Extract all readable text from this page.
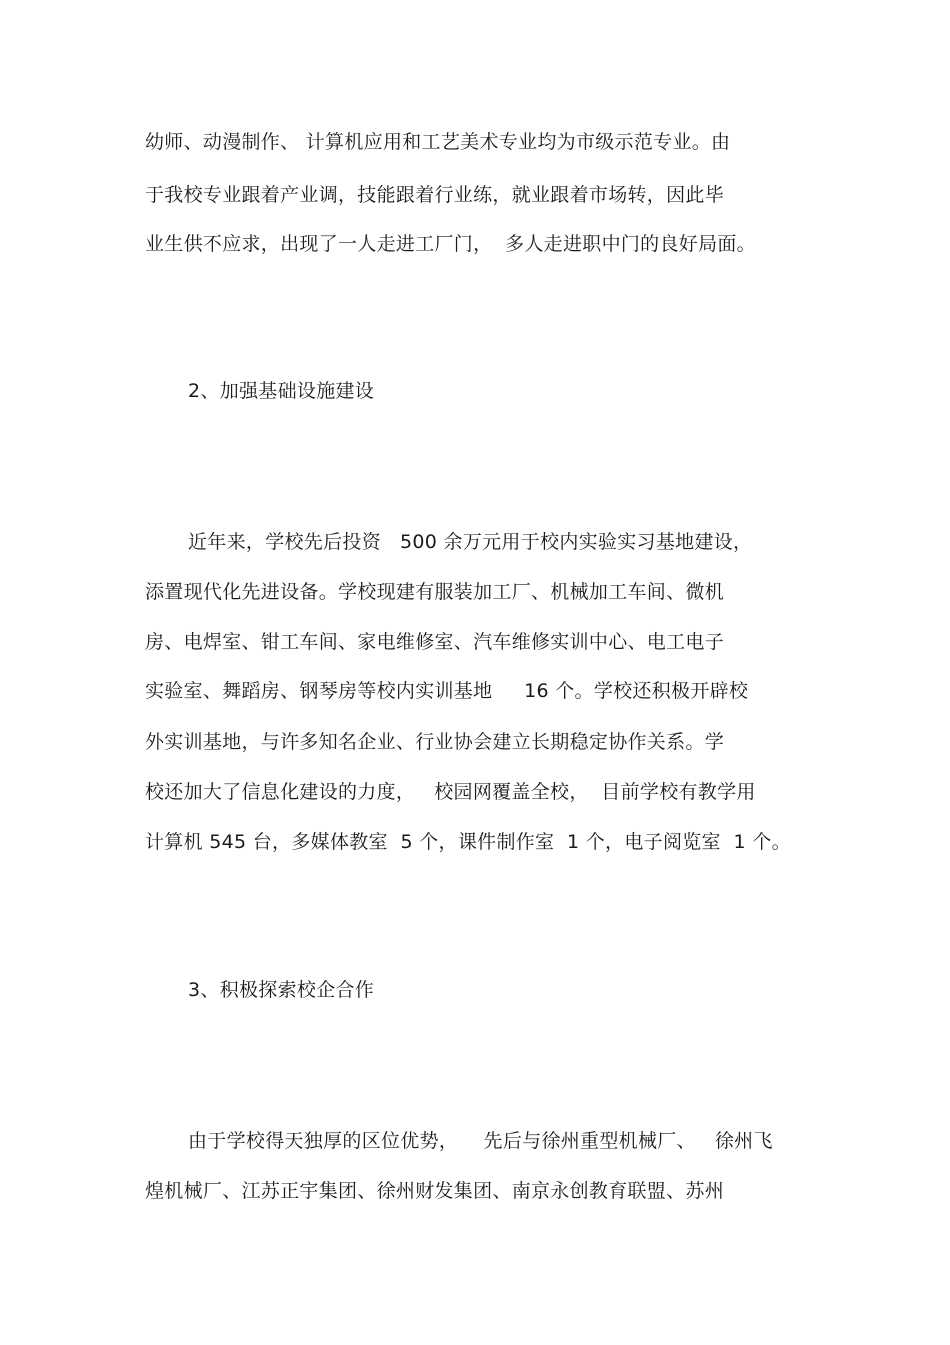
幼师、动漫制作、 计算机应用和工艺美术专业均为市级示范专业。由
于我校专业跟着产业调，技能跟着行业练，就业跟着市场转，因此毕
业生供不应求，出现了一人走进工厂门，  多人走进职中门的良好局面。
2、加强基础设施建设
近年来，学校先后投资   500 余万元用于校内实验实习基地建设，
添置现代化先进设备。学校现建有服装加工厂、机械加工车间、微机
房、电焊室、钳工车间、家电维修室、汽车维修实训中心、电工电子
实验室、舞蹈房、钢琴房等校内实训基地     16 个。学校还积极开辟校
外实训基地，与许多知名企业、行业协会建立长期稳定协作关系。学
校还加大了信息化建设的力度，   校园网覆盖全校，  目前学校有教学用
计算机 545 台，多媒体教室  5 个，课件制作室  1 个，电子阅览室  1 个。
3、积极探索校企合作
由于学校得天独厚的区位优势，    先后与徐州重型机械厂、   徐州飞
煌机械厂、江苏正宇集团、徐州财发集团、南京永创教育联盟、苏州
